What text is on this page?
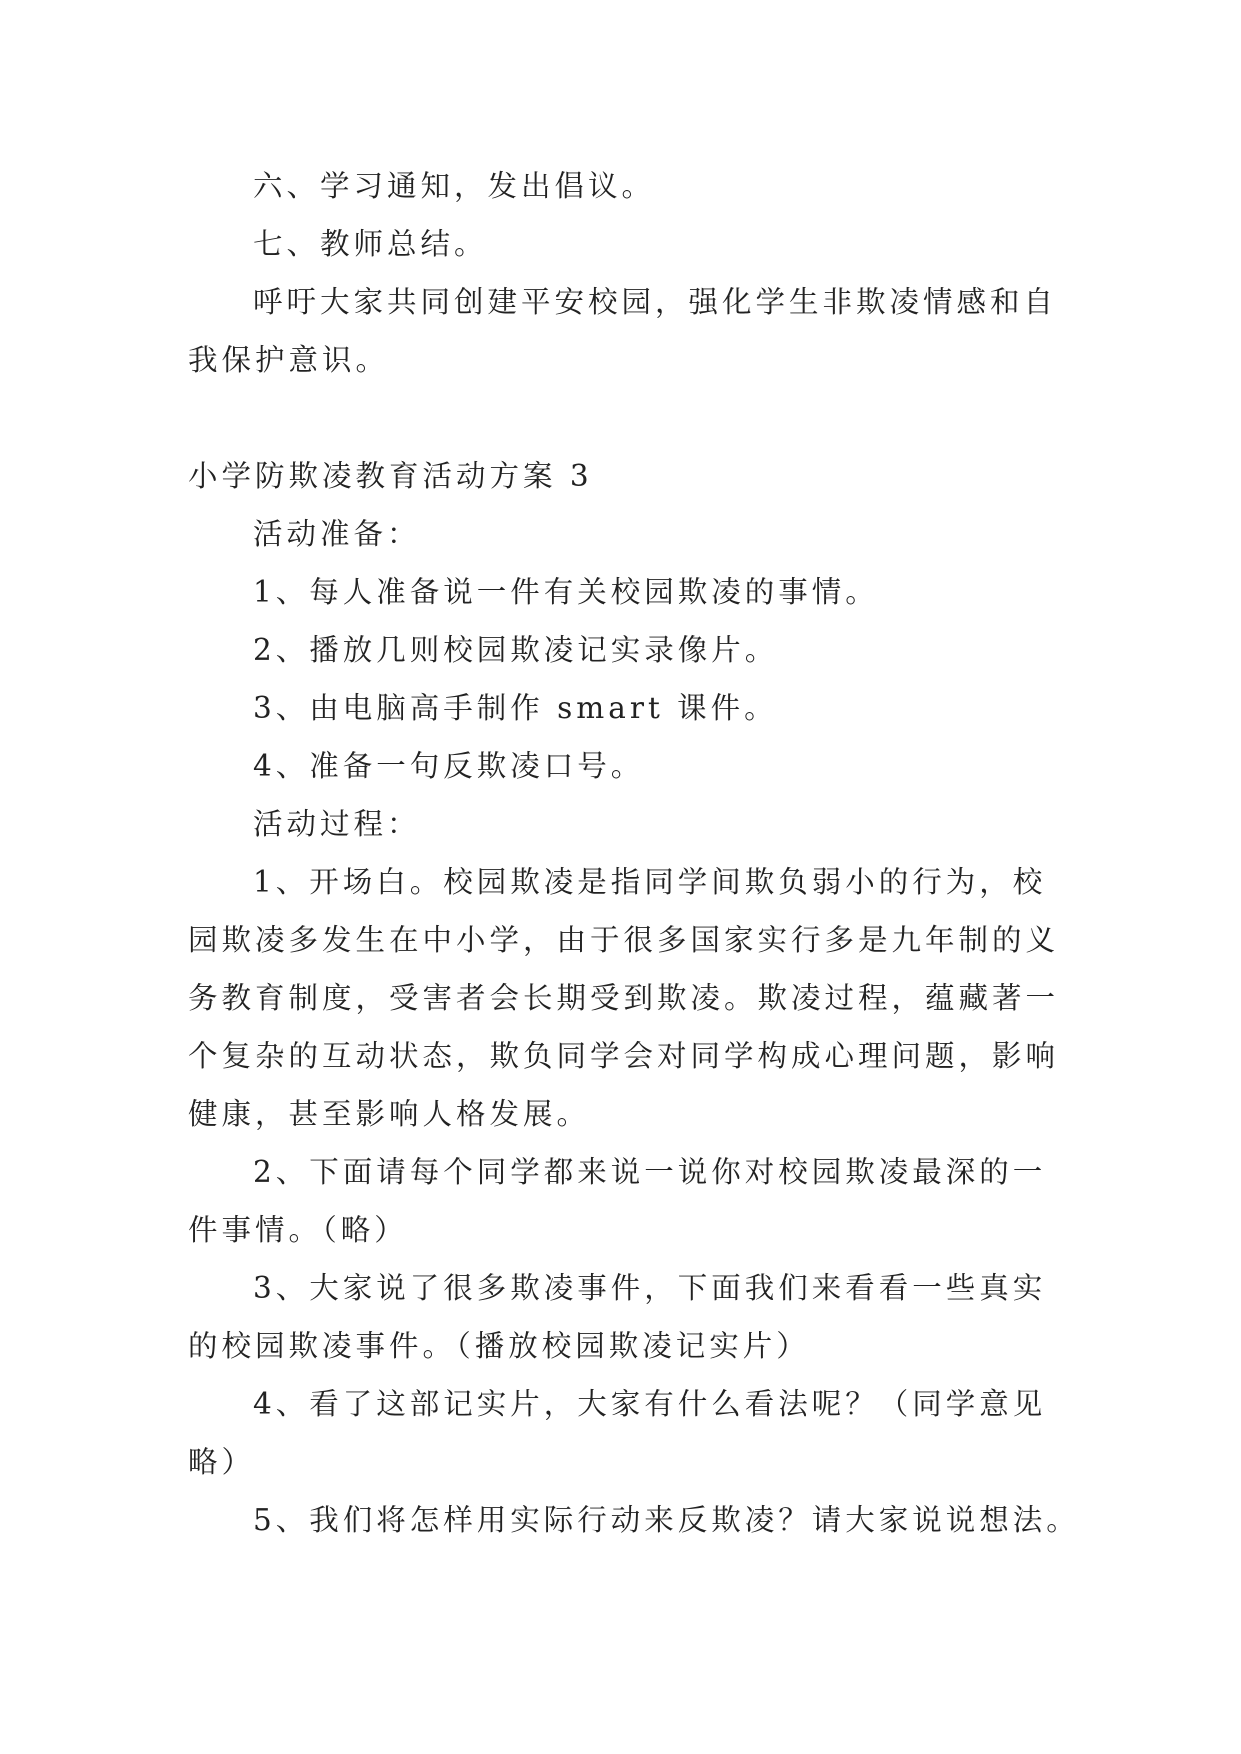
六、学习通知，发出倡议。
七、教师总结。
呼吁大家共同创建平安校园，强化学生非欺凌情感和自
我保护意识。
小学防欺凌教育活动方案 3
活动准备：
1、每人准备说一件有关校园欺凌的事情。
2、播放几则校园欺凌记实录像片。
3、由电脑高手制作 smart 课件。
4、准备一句反欺凌口号。
活动过程：
1、开场白。校园欺凌是指同学间欺负弱小的行为，校
园欺凌多发生在中小学，由于很多国家实行多是九年制的义
务教育制度，受害者会长期受到欺凌。欺凌过程，蕴藏著一
个复杂的互动状态，欺负同学会对同学构成心理问题，影响
健康，甚至影响人格发展。
2、下面请每个同学都来说一说你对校园欺凌最深的一
件事情。（略）
3、大家说了很多欺凌事件，下面我们来看看一些真实
的校园欺凌事件。（播放校园欺凌记实片）
4、看了这部记实片，大家有什么看法呢？（同学意见
略）
5、我们将怎样用实际行动来反欺凌？请大家说说想法。
